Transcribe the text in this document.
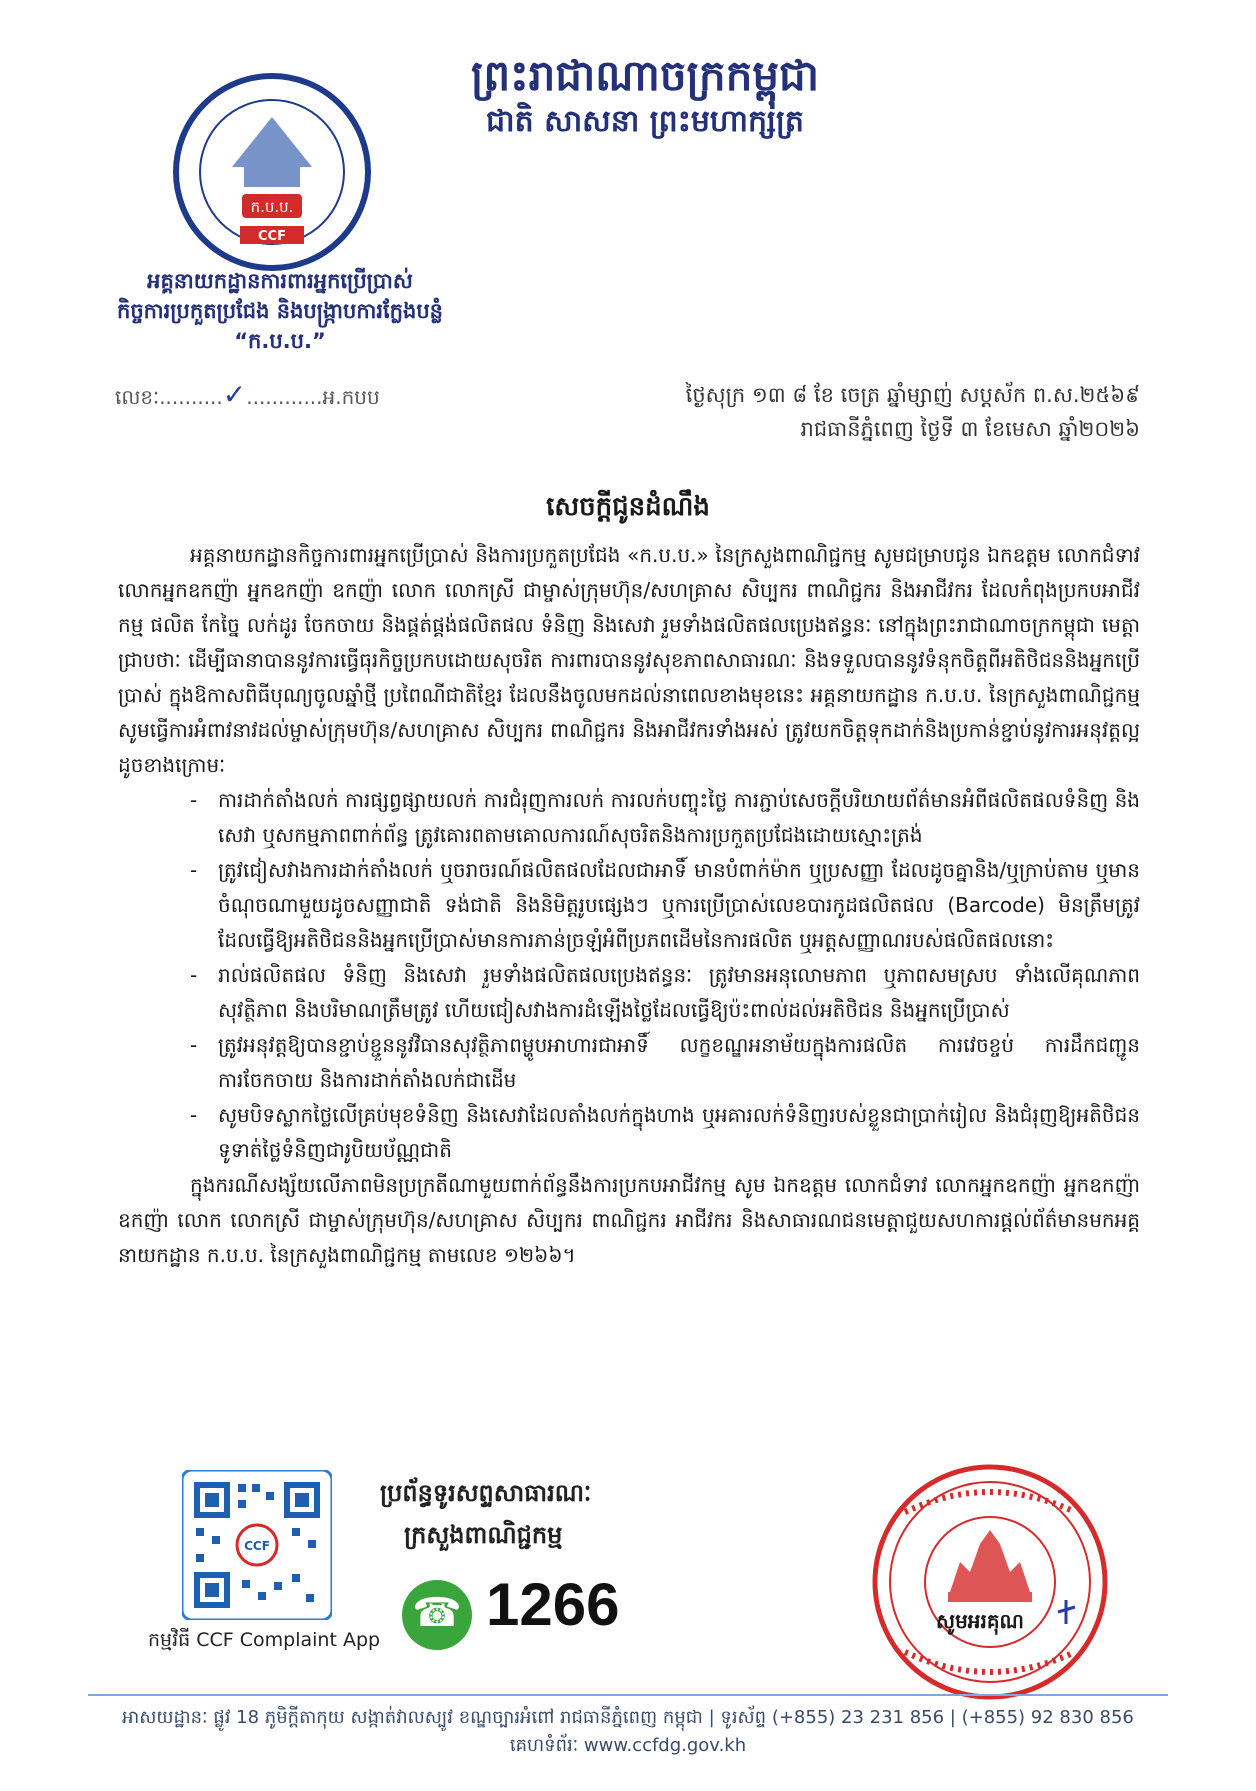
ព្រះរាជាណាចក្រកម្ពុជា
ជាតិ សាសនា ព្រះមហាក្សត្រ
ក.ប.ប.
CCF
អគ្គនាយកដ្ឋានការពារអ្នកប្រើប្រាស់
កិច្ចការប្រកួតប្រជែង និងបង្ក្រាបការក្លែងបន្លំ
“ក.ប.ប.”
លេខៈ..........✓............អ.កបប	ថ្ងៃសុក្រ ១៣ ៨ ខែ ចេត្រ ឆ្នាំម្សាញ់ សប្តស័ក ព.ស.២៥៦៩
រាជធានីភ្នំពេញ ថ្ងៃទី ៣ ខែមេសា ឆ្នាំ២០២៦
សេចក្តីជូនដំណឹង

អគ្គនាយកដ្ឋានកិច្ចការពារអ្នកប្រើប្រាស់ និងការប្រកួតប្រជែង «ក.ប.ប.» នៃក្រសួងពាណិជ្ជកម្ម សូមជម្រាបជូន ឯកឧត្តម លោកជំទាវ លោកអ្នកឧកញ៉ា អ្នកឧកញ៉ា ឧកញ៉ា លោក លោកស្រី ជាម្ចាស់ក្រុមហ៊ុន/សហគ្រាស សិប្បករ ពាណិជ្ជករ និងអាជីវករ ដែលកំពុងប្រកបអាជីវកម្ម ផលិត កែច្នៃ លក់ដូរ ចែកចាយ និងផ្គត់ផ្គង់ផលិតផល ទំនិញ និងសេវា រួមទាំងផលិតផលប្រេងឥន្ធនៈ នៅក្នុងព្រះរាជាណាចក្រកម្ពុជា មេត្តាជ្រាបថាៈ ដើម្បីធានាបាននូវការធ្វើធុរកិច្ចប្រកបដោយសុចរិត ការពារបាននូវសុខភាពសាធារណៈ និងទទួលបាននូវទំនុកចិត្តពីអតិថិជននិងអ្នកប្រើប្រាស់ ក្នុងឱកាសពិធីបុណ្យចូលឆ្នាំថ្មី ប្រពៃណីជាតិខ្មែរ ដែលនឹងចូលមកដល់នាពេលខាងមុខនេះ អគ្គនាយកដ្ឋាន ក.ប.ប. នៃក្រសួងពាណិជ្ជកម្ម សូមធ្វើការអំពាវនាវដល់ម្ចាស់ក្រុមហ៊ុន/សហគ្រាស សិប្បករ ពាណិជ្ជករ និងអាជីវករទាំងអស់ ត្រូវយកចិត្តទុកដាក់និងប្រកាន់ខ្ជាប់នូវការអនុវត្តល្អ ដូចខាងក្រោមៈ

- ការដាក់តាំងលក់ ការផ្សព្វផ្សាយលក់ ការជំរុញការលក់ ការលក់បញ្ចុះថ្លៃ ការភ្ជាប់សេចក្តីបរិយាយព័ត៌មានអំពីផលិតផលទំនិញ និងសេវា ឬសកម្មភាពពាក់ព័ន្ធ ត្រូវគោរពតាមគោលការណ៍សុចរិតនិងការប្រកួតប្រជែងដោយស្មោះត្រង់
- ត្រូវជៀសវាងការដាក់តាំងលក់ ឬចរាចរណ៍ផលិតផលដែលជាអាទិ៍ មានបំពាក់ម៉ាក ឬប្រសញ្ញា ដែលដូចគ្នានិង/ឬក្រាប់តាម ឬមានចំណុចណាមួយដូចសញ្ញាជាតិ ទង់ជាតិ និងនិមិត្តរូបផ្សេងៗ ឬការប្រើប្រាស់លេខបារកូដផលិតផល (Barcode) មិនត្រឹមត្រូវ ដែលធ្វើឱ្យអតិថិជននិងអ្នកប្រើប្រាស់មានការភាន់ច្រឡំអំពីប្រភពដើមនៃការផលិត ឬអត្តសញ្ញាណរបស់ផលិតផលនោះ
- រាល់ផលិតផល ទំនិញ និងសេវា រួមទាំងផលិតផលប្រេងឥន្ធនៈ ត្រូវមានអនុលោមភាព ឬភាពសមស្រប ទាំងលើគុណភាព សុវត្ថិភាព និងបរិមាណត្រឹមត្រូវ ហើយជៀសវាងការដំឡើងថ្លៃដែលធ្វើឱ្យប៉ះពាល់ដល់អតិថិជន និងអ្នកប្រើប្រាស់
- ត្រូវអនុវត្តឱ្យបានខ្ជាប់ខ្ជួននូវវិធានសុវត្ថិភាពម្ហូបអាហារជាអាទិ៍ លក្ខខណ្ឌអនាម័យក្នុងការផលិត ការវេចខ្ចប់ ការដឹកជញ្ជូន ការចែកចាយ និងការដាក់តាំងលក់ជាដើម
- សូមបិទស្លាកថ្លៃលើគ្រប់មុខទំនិញ និងសេវាដែលតាំងលក់ក្នុងហាង ឬអគារលក់ទំនិញរបស់ខ្លួនជាប្រាក់រៀល និងជំរុញឱ្យអតិថិជនទូទាត់ថ្លៃទំនិញជារូបិយប័ណ្ណជាតិ

ក្នុងករណីសង្ស័យលើភាពមិនប្រក្រតីណាមួយពាក់ព័ន្ធនឹងការប្រកបអាជីវកម្ម សូម ឯកឧត្តម លោកជំទាវ លោកអ្នកឧកញ៉ា អ្នកឧកញ៉ា ឧកញ៉ា លោក លោកស្រី ជាម្ចាស់ក្រុមហ៊ុន/សហគ្រាស សិប្បករ ពាណិជ្ជករ អាជីវករ និងសាធារណជនមេត្តាជួយសហការផ្តល់ព័ត៌មានមកអគ្គនាយកដ្ឋាន ក.ប.ប. នៃក្រសួងពាណិជ្ជកម្ម តាមលេខ ១២៦៦។

CCF
កម្មវិធី CCF Complaint App
ប្រព័ន្ធទូរសព្ទសាធារណៈ
ក្រសួងពាណិជ្ជកម្ម
☎ 1266	សូមអរគុណ
អាសយដ្ឋានៈ ផ្លូវ 18 ភូមិក្តីតាកុយ សង្កាត់វាលស្បូវ ខណ្ឌច្បារអំពៅ រាជធានីភ្នំពេញ កម្ពុជា | ទូរស័ព្ទ (+855) 23 231 856 | (+855) 92 830 856
គេហទំព័រៈ www.ccfdg.gov.kh
